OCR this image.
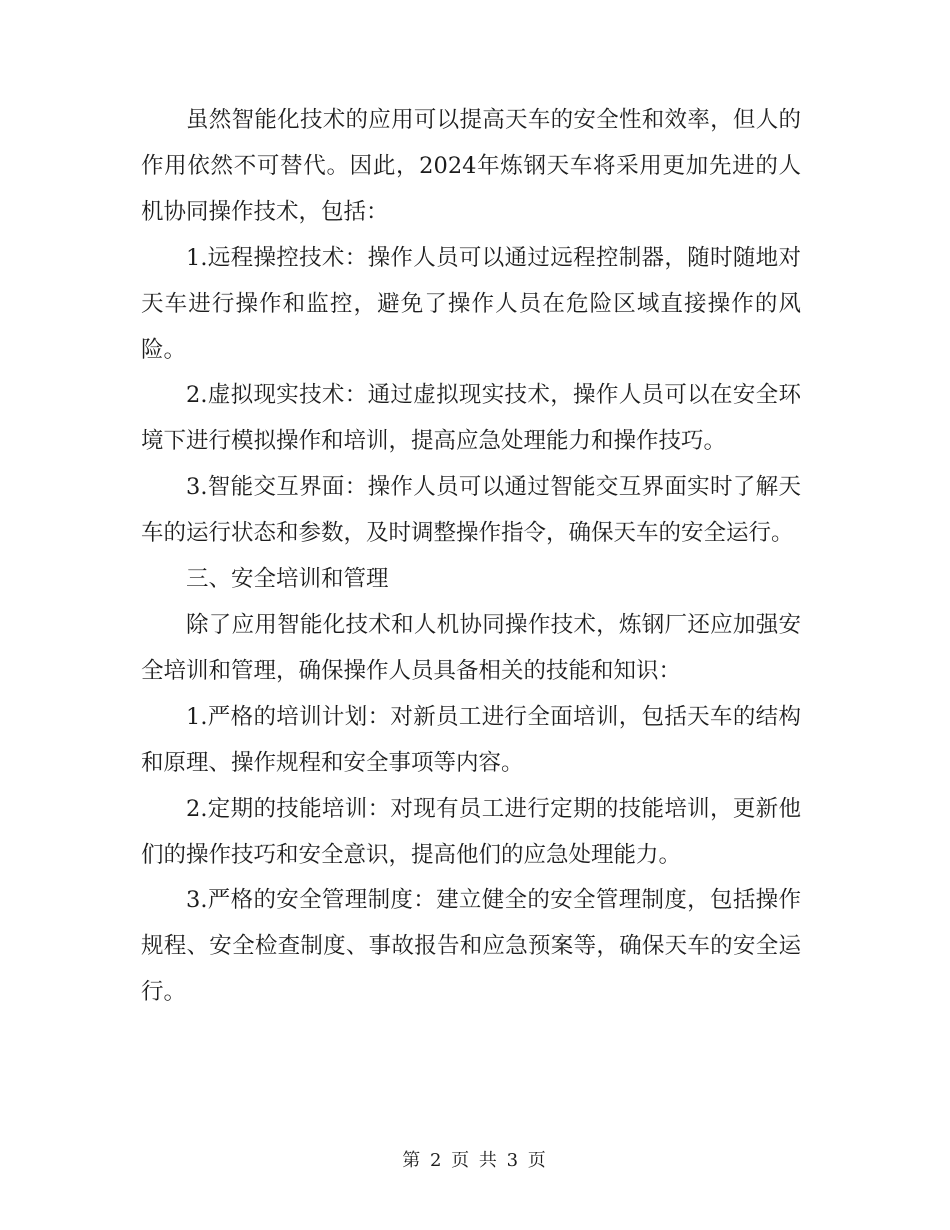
虽然智能化技术的应用可以提高天车的安全性和效率，但人的作用依然不可替代。因此，2024年炼钢天车将采用更加先进的人机协同操作技术，包括：

1.远程操控技术：操作人员可以通过远程控制器，随时随地对天车进行操作和监控，避免了操作人员在危险区域直接操作的风险。

2.虚拟现实技术：通过虚拟现实技术，操作人员可以在安全环境下进行模拟操作和培训，提高应急处理能力和操作技巧。

3.智能交互界面：操作人员可以通过智能交互界面实时了解天车的运行状态和参数，及时调整操作指令，确保天车的安全运行。

三、安全培训和管理

除了应用智能化技术和人机协同操作技术，炼钢厂还应加强安全培训和管理，确保操作人员具备相关的技能和知识：

1.严格的培训计划：对新员工进行全面培训，包括天车的结构和原理、操作规程和安全事项等内容。

2.定期的技能培训：对现有员工进行定期的技能培训，更新他们的操作技巧和安全意识，提高他们的应急处理能力。

3.严格的安全管理制度：建立健全的安全管理制度，包括操作规程、安全检查制度、事故报告和应急预案等，确保天车的安全运行。

第 2 页 共 3 页
